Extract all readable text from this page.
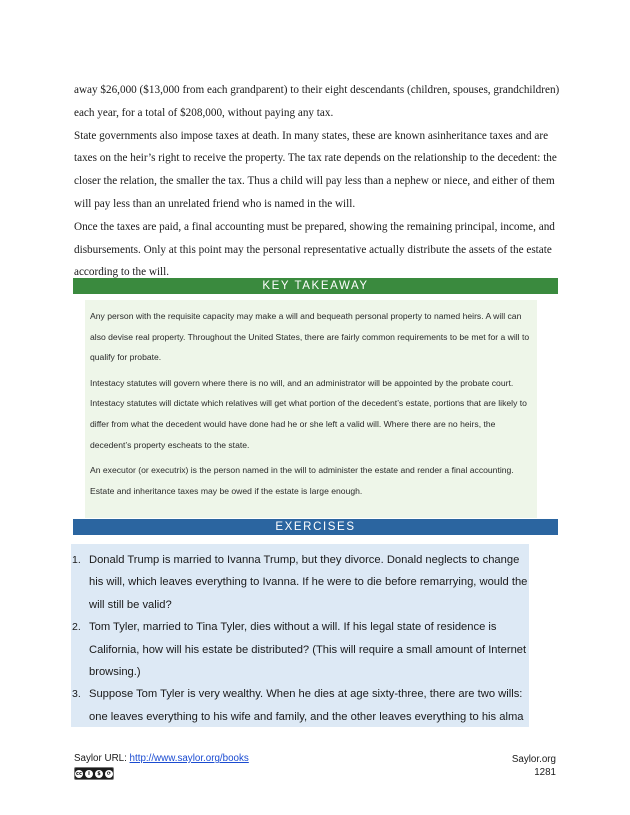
away $26,000 ($13,000 from each grandparent) to their eight descendants (children, spouses, grandchildren) each year, for a total of $208,000, without paying any tax.

State governments also impose taxes at death. In many states, these are known asinheritance taxes and are taxes on the heir’s right to receive the property. The tax rate depends on the relationship to the decedent: the closer the relation, the smaller the tax. Thus a child will pay less than a nephew or niece, and either of them will pay less than an unrelated friend who is named in the will.

Once the taxes are paid, a final accounting must be prepared, showing the remaining principal, income, and disbursements. Only at this point may the personal representative actually distribute the assets of the estate according to the will.

KEY TAKEAWAY

Any person with the requisite capacity may make a will and bequeath personal property to named heirs. A will can also devise real property. Throughout the United States, there are fairly common requirements to be met for a will to qualify for probate.

Intestacy statutes will govern where there is no will, and an administrator will be appointed by the probate court. Intestacy statutes will dictate which relatives will get what portion of the decedent’s estate, portions that are likely to differ from what the decedent would have done had he or she left a valid will. Where there are no heirs, the decedent’s property escheats to the state.

An executor (or executrix) is the person named in the will to administer the estate and render a final accounting. Estate and inheritance taxes may be owed if the estate is large enough.

EXERCISES
1. Donald Trump is married to Ivanna Trump, but they divorce. Donald neglects to change his will, which leaves everything to Ivanna. If he were to die before remarrying, would the will still be valid?
2. Tom Tyler, married to Tina Tyler, dies without a will. If his legal state of residence is California, how will his estate be distributed? (This will require a small amount of Internet browsing.)
3. Suppose Tom Tyler is very wealthy. When he dies at age sixty-three, there are two wills: one leaves everything to his wife and family, and the other leaves everything to his alma
Saylor URL: http://www.saylor.org/books
cc	i	$	⟳
Saylor.org
1281
